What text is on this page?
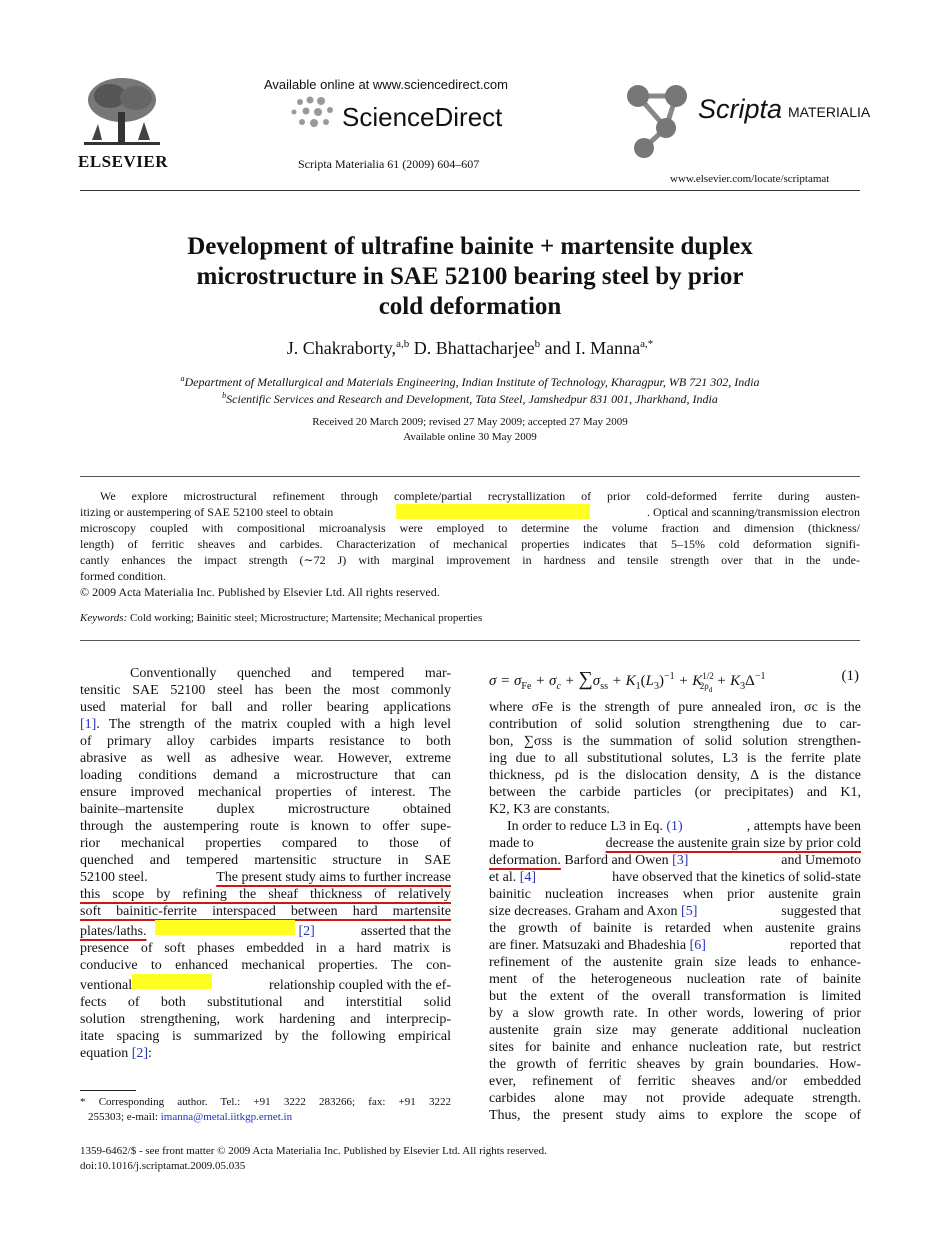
ELSEVIER
Available online at www.sciencedirect.com
ScienceDirect
Scripta Materialia 61 (2009) 604–607
Scripta MATERIALIA
www.elsevier.com/locate/scriptamat
Development of ultrafine bainite + martensite duplex
microstructure in SAE 52100 bearing steel by prior
cold deformation
J. Chakraborty,$^{a,b}$ D. Bhattacharjee$^b$ and I. Manna$^{a,*}$
$^a$Department of Metallurgical and Materials Engineering, Indian Institute of Technology, Kharagpur, WB 721 302, India
$^b$Scientific Services and Research and Development, Tata Steel, Jamshedpur 831 001, Jharkhand, India
Received 20 March 2009; revised 27 May 2009; accepted 27 May 2009
Available online 30 May 2009
We explore microstructural refinement through complete/partial recrystallization of prior cold-deformed ferrite during austen-
itizing or austempering of SAE 52100 steel to obtain	. Optical and scanning/transmission electron
microscopy coupled with compositional microanalysis were employed to determine the volume fraction and dimension (thickness/
length) of ferritic sheaves and carbides. Characterization of mechanical properties indicates that 5–15% cold deformation signifi-
cantly enhances the impact strength (∼72 J) with marginal improvement in hardness and tensile strength over that in the unde-
formed condition.
© 2009 Acta Materialia Inc. Published by Elsevier Ltd. All rights reserved.
Keywords: Cold working; Bainitic steel; Microstructure; Martensite; Mechanical properties
Conventionally quenched and tempered mar-
tensitic SAE 52100 steel has been the most commonly
used material for ball and roller bearing applications
[1] . The strength of the matrix coupled with a high level
of primary alloy carbides imparts resistance to both
abrasive as well as adhesive wear. However, extreme
loading conditions demand a microstructure that can
ensure improved mechanical properties of interest. The
bainite–martensite duplex microstructure obtained
through the austempering route is known to offer supe-
rior mechanical properties compared to those of
quenched and tempered martensitic structure in SAE
52100 steel.	The present study aims to further increase
this scope by refining the sheaf thickness of relatively
soft bainitic-ferrite interspaced between hard martensite
plates/laths.	[2]	asserted that the
presence of soft phases embedded in a hard matrix is
conducive to enhanced mechanical properties. The con-
ventional	relationship coupled with the ef-
fects of both substitutional and interstitial solid
solution strengthening, work hardening and interprecip-
itate spacing is summarized by the following empirical
equation [2]:
* Corresponding author. Tel.: +91 3222 283266; fax: +91 3222
255303; e-mail: imanna@metal.iitkgp.ernet.in
$\sigma = \sigma_{Fe} + \sigma_c + \sum\sigma_{ss} + K_1(L_3)^{-1} + K^{1/2}_{2\rho_d} + K_3\Delta^{-1}$	(1)
where σFe is the strength of pure annealed iron, σc is the
contribution of solid solution strengthening due to car-
bon, ∑σss is the summation of solid solution strengthen-
ing due to all substitutional solutes, L3 is the ferrite plate
thickness, ρd is the dislocation density, Δ is the distance
between the carbide particles (or precipitates) and K1,
K2, K3 are constants.
In order to reduce L3 in Eq. (1)	, attempts have been
made to	decrease the austenite grain size by prior cold
deformation. Barford and Owen [3]	and Umemoto
et al. [4]	have observed that the kinetics of solid-state
bainitic nucleation increases when prior austenite grain
size decreases. Graham and Axon [5]	suggested that
the growth of bainite is retarded when austenite grains
are finer. Matsuzaki and Bhadeshia [6]	reported that
refinement of the austenite grain size leads to enhance-
ment of the heterogeneous nucleation rate of bainite
but the extent of the overall transformation is limited
by a slow growth rate. In other words, lowering of prior
austenite grain size may generate additional nucleation
sites for bainite and enhance nucleation rate, but restrict
the growth of ferritic sheaves by grain boundaries. How-
ever, refinement of ferritic sheaves and/or embedded
carbides alone may not provide adequate strength.
Thus, the present study aims to explore the scope of
1359-6462/$ - see front matter © 2009 Acta Materialia Inc. Published by Elsevier Ltd. All rights reserved.
doi:10.1016/j.scriptamat.2009.05.035
